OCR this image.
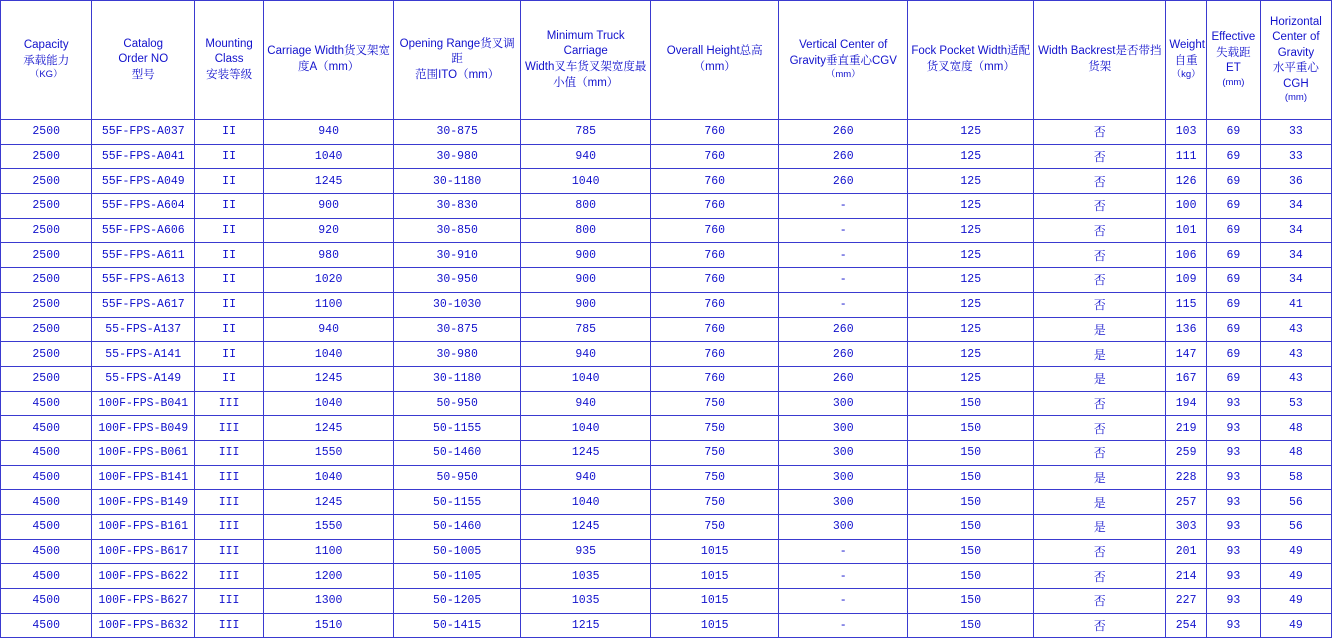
Capacity
承载能力
（KG）	Catalog
Order NO
型号	Mounting
Class
安装等级	Carriage Width货叉架宽
度A（mm）	Opening Range货叉调距
范围ITO（mm）	Minimum Truck Carriage
Width叉车货叉架宽度最
小值（mm）	Overall Height总高
（mm）	Vertical Center of
Gravity垂直重心CGV
（mm）	Fock Pocket Width适配
货叉宽度（mm）	Width Backrest是否带挡
货架	Weight
自重
（kg）	Effective
失载距ET
(mm)	Horizontal
Center of
Gravity
水平重心CGH
(mm)

2500	55F-FPS-A037	II	940	30-875	785	760	260	125	否	103	69	33
2500	55F-FPS-A041	II	1040	30-980	940	760	260	125	否	111	69	33
2500	55F-FPS-A049	II	1245	30-1180	1040	760	260	125	否	126	69	36
2500	55F-FPS-A604	II	900	30-830	800	760	-	125	否	100	69	34
2500	55F-FPS-A606	II	920	30-850	800	760	-	125	否	101	69	34
2500	55F-FPS-A611	II	980	30-910	900	760	-	125	否	106	69	34
2500	55F-FPS-A613	II	1020	30-950	900	760	-	125	否	109	69	34
2500	55F-FPS-A617	II	1100	30-1030	900	760	-	125	否	115	69	41
2500	55-FPS-A137	II	940	30-875	785	760	260	125	是	136	69	43
2500	55-FPS-A141	II	1040	30-980	940	760	260	125	是	147	69	43
2500	55-FPS-A149	II	1245	30-1180	1040	760	260	125	是	167	69	43
4500	100F-FPS-B041	III	1040	50-950	940	750	300	150	否	194	93	53
4500	100F-FPS-B049	III	1245	50-1155	1040	750	300	150	否	219	93	48
4500	100F-FPS-B061	III	1550	50-1460	1245	750	300	150	否	259	93	48
4500	100F-FPS-B141	III	1040	50-950	940	750	300	150	是	228	93	58
4500	100F-FPS-B149	III	1245	50-1155	1040	750	300	150	是	257	93	56
4500	100F-FPS-B161	III	1550	50-1460	1245	750	300	150	是	303	93	56
4500	100F-FPS-B617	III	1100	50-1005	935	1015	-	150	否	201	93	49
4500	100F-FPS-B622	III	1200	50-1105	1035	1015	-	150	否	214	93	49
4500	100F-FPS-B627	III	1300	50-1205	1035	1015	-	150	否	227	93	49
4500	100F-FPS-B632	III	1510	50-1415	1215	1015	-	150	否	254	93	49
